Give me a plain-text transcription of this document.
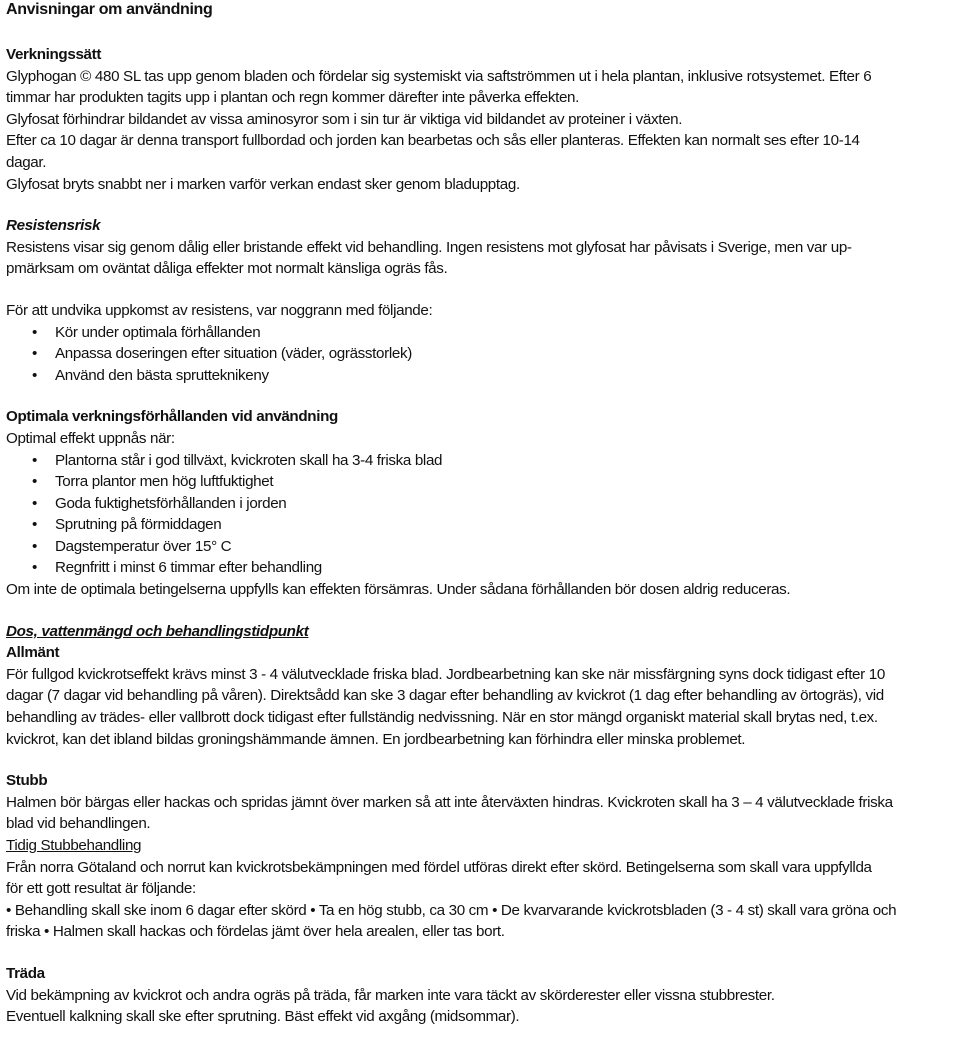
Anvisningar om användning

Verkningssätt

Glyphogan © 480 SL tas upp genom bladen och fördelar sig systemiskt via saftströmmen ut i hela plantan, inklusive rotsystemet. Efter 6

timmar har produkten tagits upp i plantan och regn kommer därefter inte påverka effekten.

Glyfosat förhindrar bildandet av vissa aminosyror som i sin tur är viktiga vid bildandet av proteiner i växten.

Efter ca 10 dagar är denna transport fullbordad och jorden kan bearbetas och sås eller planteras. Effekten kan normalt ses efter 10-14

dagar.

Glyfosat bryts snabbt ner i marken varför verkan endast sker genom bladupptag.

Resistensrisk

Resistens visar sig genom dålig eller bristande effekt vid behandling. Ingen resistens mot glyfosat har påvisats i Sverige, men var up-

pmärksam om oväntat dåliga effekter mot normalt känsliga ogräs fås.

För att undvika uppkomst av resistens, var noggrann med följande:

• Kör under optimala förhållanden
• Anpassa doseringen efter situation (väder, ogrässtorlek)
• Använd den bästa sprutteknikeny

Optimala verkningsförhållanden vid användning

Optimal effekt uppnås när:

• Plantorna står i god tillväxt, kvickroten skall ha 3-4 friska blad
• Torra plantor men hög luftfuktighet
• Goda fuktighetsförhållanden i jorden
• Sprutning på förmiddagen
• Dagstemperatur över 15° C
• Regnfritt i minst 6 timmar efter behandling

Om inte de optimala betingelserna uppfylls kan effekten försämras. Under sådana förhållanden bör dosen aldrig reduceras.

Dos, vattenmängd och behandlingstidpunkt

Allmänt

För fullgod kvickrotseffekt krävs minst 3 - 4 välutvecklade friska blad. Jordbearbetning kan ske när missfärgning syns dock tidigast efter 10

dagar (7 dagar vid behandling på våren). Direktsådd kan ske 3 dagar efter behandling av kvickrot (1 dag efter behandling av örtogräs), vid

behandling av trädes- eller vallbrott dock tidigast efter fullständig nedvissning. När en stor mängd organiskt material skall brytas ned, t.ex.

kvickrot, kan det ibland bildas groningshämmande ämnen. En jordbearbetning kan förhindra eller minska problemet.

Stubb

Halmen bör bärgas eller hackas och spridas jämnt över marken så att inte återväxten hindras. Kvickroten skall ha 3 – 4 välutvecklade friska

blad vid behandlingen.

Tidig Stubbehandling

Från norra Götaland och norrut kan kvickrotsbekämpningen med fördel utföras direkt efter skörd. Betingelserna som skall vara uppfyllda

för ett gott resultat är följande:

• Behandling skall ske inom 6 dagar efter skörd • Ta en hög stubb, ca 30 cm • De kvarvarande kvickrotsbladen (3 - 4 st) skall vara gröna och

friska • Halmen skall hackas och fördelas jämt över hela arealen, eller tas bort.

Träda

Vid bekämpning av kvickrot och andra ogräs på träda, får marken inte vara täckt av skörderester eller vissna stubbrester.

Eventuell kalkning skall ske efter sprutning. Bäst effekt vid axgång (midsommar).
